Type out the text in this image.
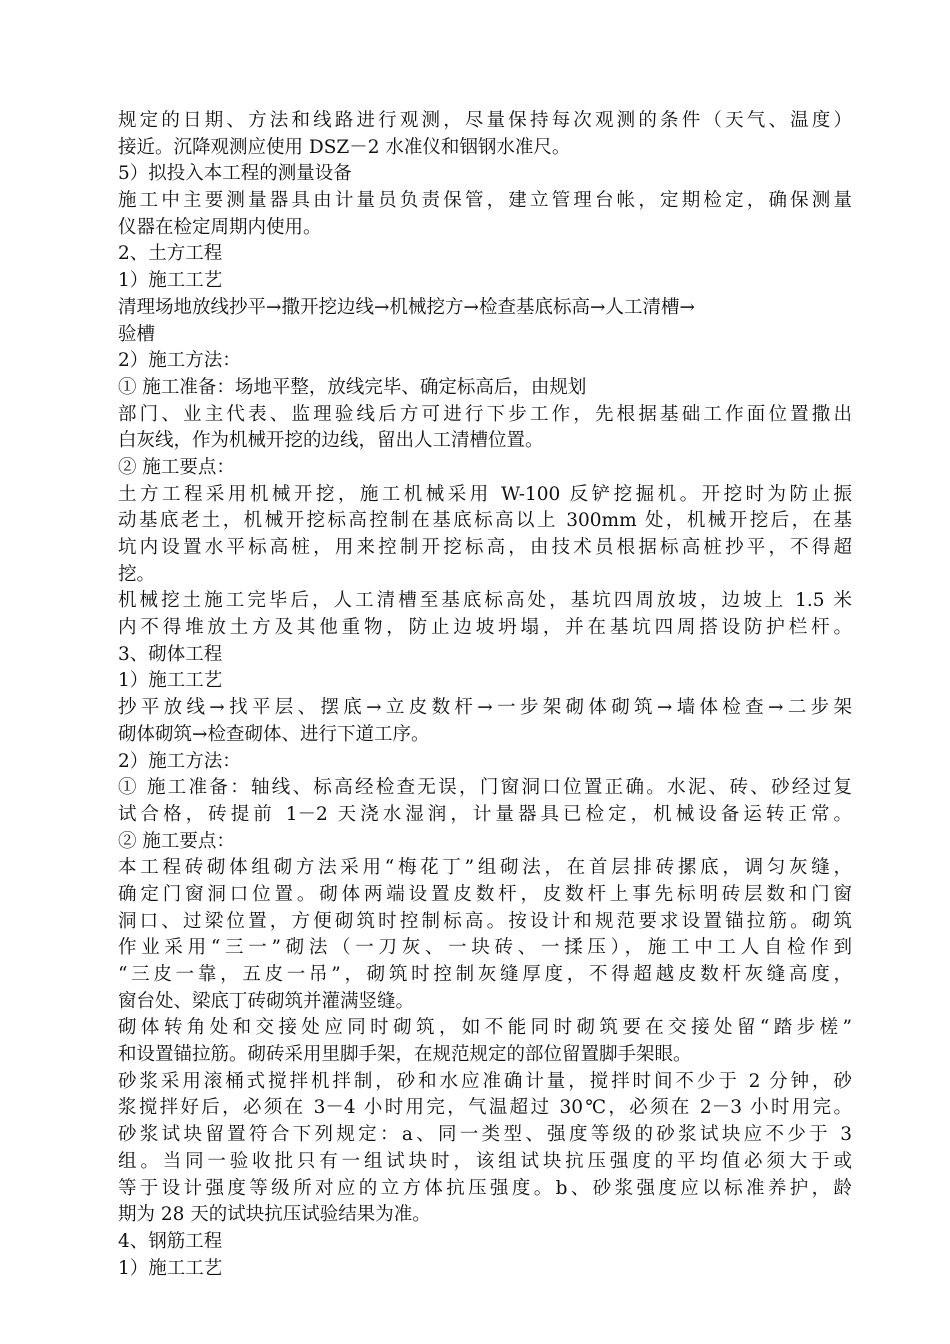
规定的日期、方法和线路进行观测，尽量保持每次观测的条件（天气、温度）
接近。沉降观测应使用 DSZ－2 水准仪和铟钢水准尺。
5）拟投入本工程的测量设备
施工中主要测量器具由计量员负责保管，建立管理台帐，定期检定，确保测量
仪器在检定周期内使用。
2、土方工程
1）施工工艺
清理场地放线抄平→撒开挖边线→机械挖方→检查基底标高→人工清槽→
验槽
2）施工方法：
① 施工准备：场地平整，放线完毕、确定标高后，由规划
部门、业主代表、监理验线后方可进行下步工作，先根据基础工作面位置撒出
白灰线，作为机械开挖的边线，留出人工清槽位置。
② 施工要点：
土方工程采用机械开挖，施工机械采用 W-100 反铲挖掘机。开挖时为防止振
动基底老土，机械开挖标高控制在基底标高以上 300mm 处，机械开挖后，在基
坑内设置水平标高桩，用来控制开挖标高，由技术员根据标高桩抄平，不得超
挖。
机械挖土施工完毕后，人工清槽至基底标高处，基坑四周放坡，边坡上 1.5 米
内不得堆放土方及其他重物，防止边坡坍塌，并在基坑四周搭设防护栏杆。
3、砌体工程
1）施工工艺
抄平放线→找平层、摆底→立皮数杆→一步架砌体砌筑→墙体检查→二步架
砌体砌筑→检查砌体、进行下道工序。
2）施工方法：
① 施工准备：轴线、标高经检查无误，门窗洞口位置正确。水泥、砖、砂经过复
试合格，砖提前 1－2 天浇水湿润，计量器具已检定，机械设备运转正常。
② 施工要点：
本工程砖砌体组砌方法采用“梅花丁”组砌法，在首层排砖摞底，调匀灰缝，
确定门窗洞口位置。砌体两端设置皮数杆，皮数杆上事先标明砖层数和门窗
洞口、过梁位置，方便砌筑时控制标高。按设计和规范要求设置锚拉筋。砌筑
作业采用“三一”砌法（一刀灰、一块砖、一揉压），施工中工人自检作到
“三皮一靠，五皮一吊”，砌筑时控制灰缝厚度，不得超越皮数杆灰缝高度，
窗台处、梁底丁砖砌筑并灌满竖缝。
砌体转角处和交接处应同时砌筑，如不能同时砌筑要在交接处留“踏步槎”
和设置锚拉筋。砌砖采用里脚手架，在规范规定的部位留置脚手架眼。
砂浆采用滚桶式搅拌机拌制，砂和水应准确计量，搅拌时间不少于 2 分钟，砂
浆搅拌好后，必须在 3－4 小时用完，气温超过 30℃，必须在 2－3 小时用完。
砂浆试块留置符合下列规定：a、同一类型、强度等级的砂浆试块应不少于 3
组。当同一验收批只有一组试块时，该组试块抗压强度的平均值必须大于或
等于设计强度等级所对应的立方体抗压强度。b、砂浆强度应以标准养护，龄
期为 28 天的试块抗压试验结果为准。
4、钢筋工程
1）施工工艺
